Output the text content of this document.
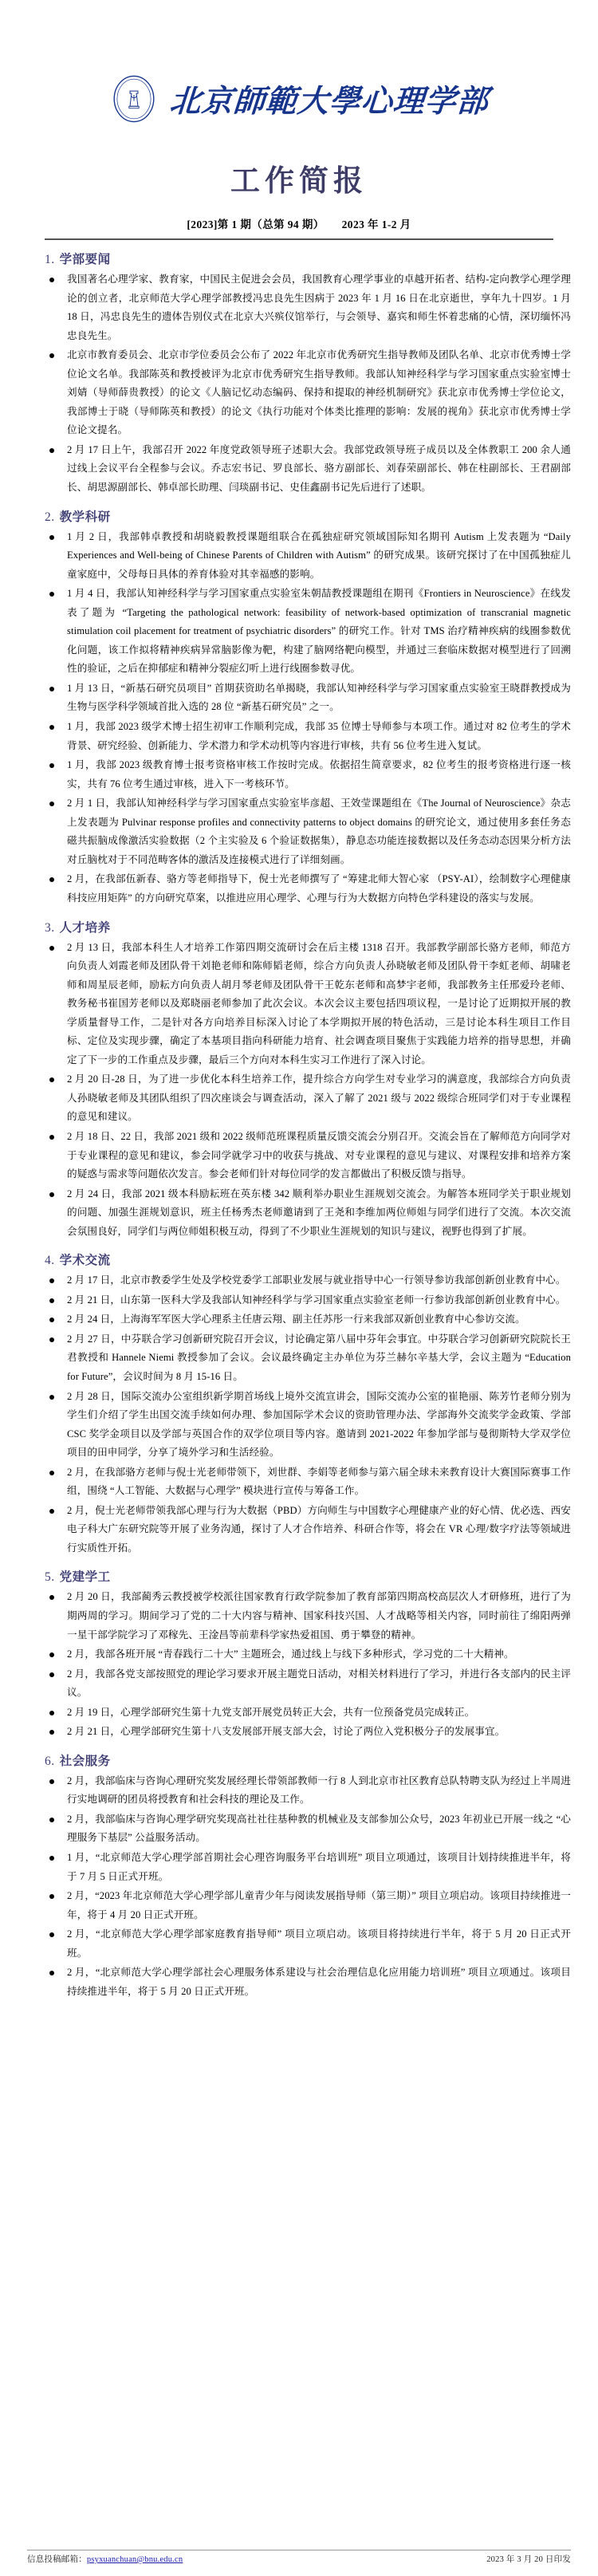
北京師範大學心理学部
工作简报
[2023]第 1 期（总第 94 期） 2023 年 1-2 月
1. 学部要闻
我国著名心理学家、教育家，中国民主促进会会员，我国教育心理学事业的卓越开拓者、结构-定向教学心理学理论的创立者，北京师范大学心理学部教授冯忠良先生因病于 2023 年 1 月 16 日在北京逝世，享年九十四岁。1 月 18 日，冯忠良先生的遗体告别仪式在北京大兴殡仪馆举行，与会领导、嘉宾和师生怀着悲痛的心情，深切缅怀冯忠良先生。
北京市教育委员会、北京市学位委员会公布了 2022 年北京市优秀研究生指导教师及团队名单、北京市优秀博士学位论文名单。我部陈英和教授被评为北京市优秀研究生指导教师。我部认知神经科学与学习国家重点实验室博士刘婧（导师薛贵教授）的论文《人脑记忆动态编码、保持和提取的神经机制研究》获北京市优秀博士学位论文，我部博士于晓（导师陈英和教授）的论文《执行功能对个体类比推理的影响：发展的视角》获北京市优秀博士学位论文提名。
2 月 17 日上午，我部召开 2022 年度党政领导班子述职大会。我部党政领导班子成员以及全体教职工 200 余人通过线上会议平台全程参与会议。乔志宏书记、罗良部长、骆方副部长、刘春荣副部长、韩在柱副部长、王君副部长、胡思源副部长、韩卓部长助理、闫琰副书记、史佳鑫副书记先后进行了述职。
2. 教学科研
1 月 2 日，我部韩卓教授和胡晓毅教授课题组联合在孤独症研究领域国际知名期刊 Autism 上发表题为 “Daily Experiences and Well-being of Chinese Parents of Children with Autism” 的研究成果。该研究探讨了在中国孤独症儿童家庭中，父母每日具体的养育体验对其幸福感的影响。
1 月 4 日，我部认知神经科学与学习国家重点实验室朱朝喆教授课题组在期刊《Frontiers in Neuroscience》在线发表了题为 “Targeting the pathological network: feasibility of network-based optimization of transcranial magnetic stimulation coil placement for treatment of psychiatric disorders” 的研究工作。针对 TMS 治疗精神疾病的线圈参数优化问题，该工作拟将精神疾病异常脑影像为靶，构建了脑网络靶向模型，并通过三套临床数据对模型进行了回溯性的验证，之后在抑郁症和精神分裂症幻听上进行线圈参数寻优。
1 月 13 日，“新基石研究员项目” 首期获资助名单揭晓，我部认知神经科学与学习国家重点实验室王晓群教授成为生物与医学科学领域首批入选的 28 位 “新基石研究员” 之一。
1 月，我部 2023 级学术博士招生初审工作顺利完成，我部 35 位博士导师参与本项工作。通过对 82 位考生的学术背景、研究经验、创新能力、学术潜力和学术动机等内容进行审核，共有 56 位考生进入复试。
1 月，我部 2023 级教育博士报考资格审核工作按时完成。依据招生简章要求，82 位考生的报考资格进行逐一核实，共有 76 位考生通过审核，进入下一考核环节。
2 月 1 日，我部认知神经科学与学习国家重点实验室毕彦超、王效莹课题组在《The Journal of Neuroscience》杂志上发表题为 Pulvinar response profiles and connectivity patterns to object domains 的研究论文，通过使用多套任务态磁共振脑成像激活实验数据（2 个主实验及 6 个验证数据集），静息态功能连接数据以及任务态动态因果分析方法对丘脑枕对于不同范畴客体的激活及连接模式进行了详细刻画。
2 月，在我部伍新春、骆方等老师指导下，倪士光老师撰写了 “筹建北师大智心家 （PSY-AI），绘制数字心理健康科技应用矩阵” 的方向研究草案，以推进应用心理学、心理与行为大数据方向特色学科建设的落实与发展。
3. 人才培养
2 月 13 日，我部本科生人才培养工作第四期交流研讨会在后主楼 1318 召开。我部教学副部长骆方老师，师范方向负责人刘霞老师及团队骨干刘艳老师和陈师韬老师，综合方向负责人孙晓敏老师及团队骨干李虹老师、胡啸老师和周星辰老师，励耘方向负责人胡月琴老师及团队骨干王乾东老师和高梦宇老师，我部教务主任邢爱玲老师、教务秘书崔国芳老师以及郑晓丽老师参加了此次会议。本次会议主要包括四项议程，一是讨论了近期拟开展的教学质量督导工作，二是针对各方向培养目标深入讨论了本学期拟开展的特色活动，三是讨论本科生项目工作目标、定位及实现步骤，确定了本基项目指向科研能力培育、社会调查项目聚焦于实践能力培养的指导思想，并确定了下一步的工作重点及步骤，最后三个方向对本科生实习工作进行了深入讨论。
2 月 20 日-28 日，为了进一步优化本科生培养工作，提升综合方向学生对专业学习的满意度，我部综合方向负责人孙晓敏老师及其团队组织了四次座谈会与调查活动，深入了解了 2021 级与 2022 级综合班同学们对于专业课程的意见和建议。
2 月 18 日、22 日，我部 2021 级和 2022 级师范班课程质量反馈交流会分别召开。交流会旨在了解师范方向同学对于专业课程的意见和建议，参会同学就学习中的收获与挑战、对专业课程的意见与建议、对课程安排和培养方案的疑惑与需求等问题依次发言。参会老师们针对每位同学的发言都做出了积极反馈与指导。
2 月 24 日，我部 2021 级本科励耘班在英东楼 342 顺利举办职业生涯规划交流会。为解答本班同学关于职业规划的问题、加强生涯规划意识，班主任杨秀杰老师邀请到了王尧和李维加两位师姐与同学们进行了交流。本次交流会氛围良好，同学们与两位师姐积极互动，得到了不少职业生涯规划的知识与建议，视野也得到了扩展。
4. 学术交流
2 月 17 日，北京市教委学生处及学校党委学工部职业发展与就业指导中心一行领导参访我部创新创业教育中心。
2 月 21 日，山东第一医科大学及我部认知神经科学与学习国家重点实验室老师一行参访我部创新创业教育中心。
2 月 24 日，上海海军军医大学心理系主任唐云翔、副主任苏彤一行来我部双新创业教育中心参访交流。
2 月 27 日，中芬联合学习创新研究院召开会议，讨论确定第八届中芬年会事宜。中芬联合学习创新研究院院长王君教授和 Hannele Niemi 教授参加了会议。会议最终确定主办单位为芬兰赫尔辛基大学，会议主题为 “Education for Future”，会议时间为 8 月 15-16 日。
2 月 28 日，国际交流办公室组织新学期首场线上境外交流宣讲会，国际交流办公室的崔艳丽、陈芳竹老师分别为学生们介绍了学生出国交流手续如何办理、参加国际学术会议的资助管理办法、学部海外交流奖学金政策、学部 CSC 奖学金项目以及学部与英国合作的双学位项目等内容。邀请到 2021-2022 年参加学部与曼彻斯特大学双学位项目的田申同学，分享了境外学习和生活经验。
2 月，在我部骆方老师与倪士光老师带领下，刘世群、李娟等老师参与第六届全球未来教育设计大赛国际赛事工作组，围绕 “人工智能、大数据与心理学” 模块进行宣传与筹备工作。
2 月，倪士光老师带领我部心理与行为大数据（PBD）方向师生与中国数字心理健康产业的好心情、优必选、西安电子科大广东研究院等开展了业务沟通，探讨了人才合作培养、科研合作等，将会在 VR 心理/数字疗法等领域进行实质性开拓。
5. 党建学工
2 月 20 日，我部蔺秀云教授被学校派往国家教育行政学院参加了教育部第四期高校高层次人才研修班，进行了为期两周的学习。期间学习了党的二十大内容与精神、国家科技兴国、人才战略等相关内容，同时前往了绵阳两弹一星干部学院学习了邓稼先、王淦昌等前辈科学家热爱祖国、勇于攀登的精神。
2 月，我部各班开展 “青春践行二十大” 主题班会，通过线上与线下多种形式，学习党的二十大精神。
2 月，我部各党支部按照党的理论学习要求开展主题党日活动，对相关材料进行了学习，并进行各支部内的民主评议。
2 月 19 日，心理学部研究生第十九党支部开展党员转正大会，共有一位预备党员完成转正。
2 月 21 日，心理学部研究生第十八支发展部开展支部大会，讨论了两位入党积极分子的发展事宜。
6. 社会服务
2 月，我部临床与咨询心理研究奖发展经理长带领部教师一行 8 人到北京市社区教育总队特聘支队为经过上半周进行实地调研的团员将授教育和社会科技的理论及工作。
2 月，我部临床与咨询心理学研究奖现高社社往基种教的机械业及支部参加公众号，2023 年初业已开展一线之 “心理服务下基层” 公益服务活动。
1 月，“北京师范大学心理学部首期社会心理咨询服务平台培训班” 项目立项通过，该项目计划持续推进半年，将于 7 月 5 日正式开班。
2 月，“2023 年北京师范大学心理学部儿童青少年与阅读发展指导师（第三期）” 项目立项启动。该项目持续推进一年，将于 4 月 20 日正式开班。
2 月，“北京师范大学心理学部家庭教育指导师” 项目立项启动。该项目将持续进行半年，将于 5 月 20 日正式开班。
2 月，“北京师范大学心理学部社会心理服务体系建设与社会治理信息化应用能力培训班” 项目立项通过。该项目持续推进半年，将于 5 月 20 日正式开班。
信息投稿邮箱：psyxuanchuan@bnu.edu.cn	2023 年 3 月 20 日印发
